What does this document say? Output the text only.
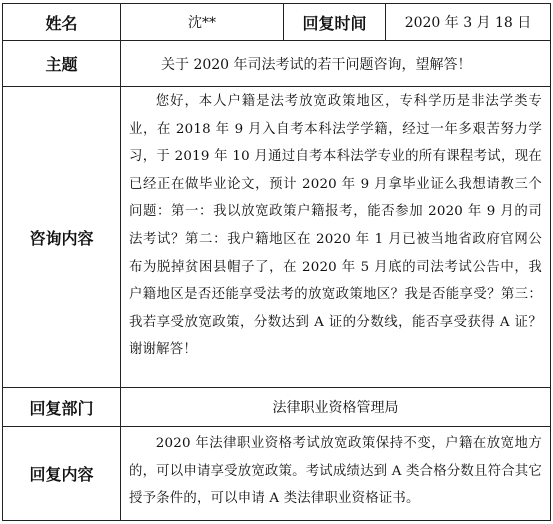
姓名	沈**	回复时间	2020 年 3 月 18 日
主题	关于 2020 年司法考试的若干问题咨询，望解答！		
咨询内容	您好，本人户籍是法考放宽政策地区，专科学历是非法学类专业，在 2018 年 9 月入自考本科法学学籍，经过一年多艰苦努力学习，于 2019 年 10 月通过自考本科法学专业的所有课程考试，现在已经正在做毕业论文，预计 2020 年 9 月拿毕业证么我想请教三个问题：第一：我以放宽政策户籍报考，能否参加 2020 年 9 月的司法考试？第二：我户籍地区在 2020 年 1 月已被当地省政府官网公布为脱掉贫困县帽子了，在 2020 年 5 月底的司法考试公告中，我户籍地区是否还能享受法考的放宽政策地区？我是否能享受？第三：我若享受放宽政策，分数达到 A 证的分数线，能否享受获得 A 证？谢谢解答！		
回复部门	法律职业资格管理局		
回复内容	2020 年法律职业资格考试放宽政策保持不变，户籍在放宽地方的，可以申请享受放宽政策。考试成绩达到 A 类合格分数且符合其它授予条件的，可以申请 A 类法律职业资格证书。		
